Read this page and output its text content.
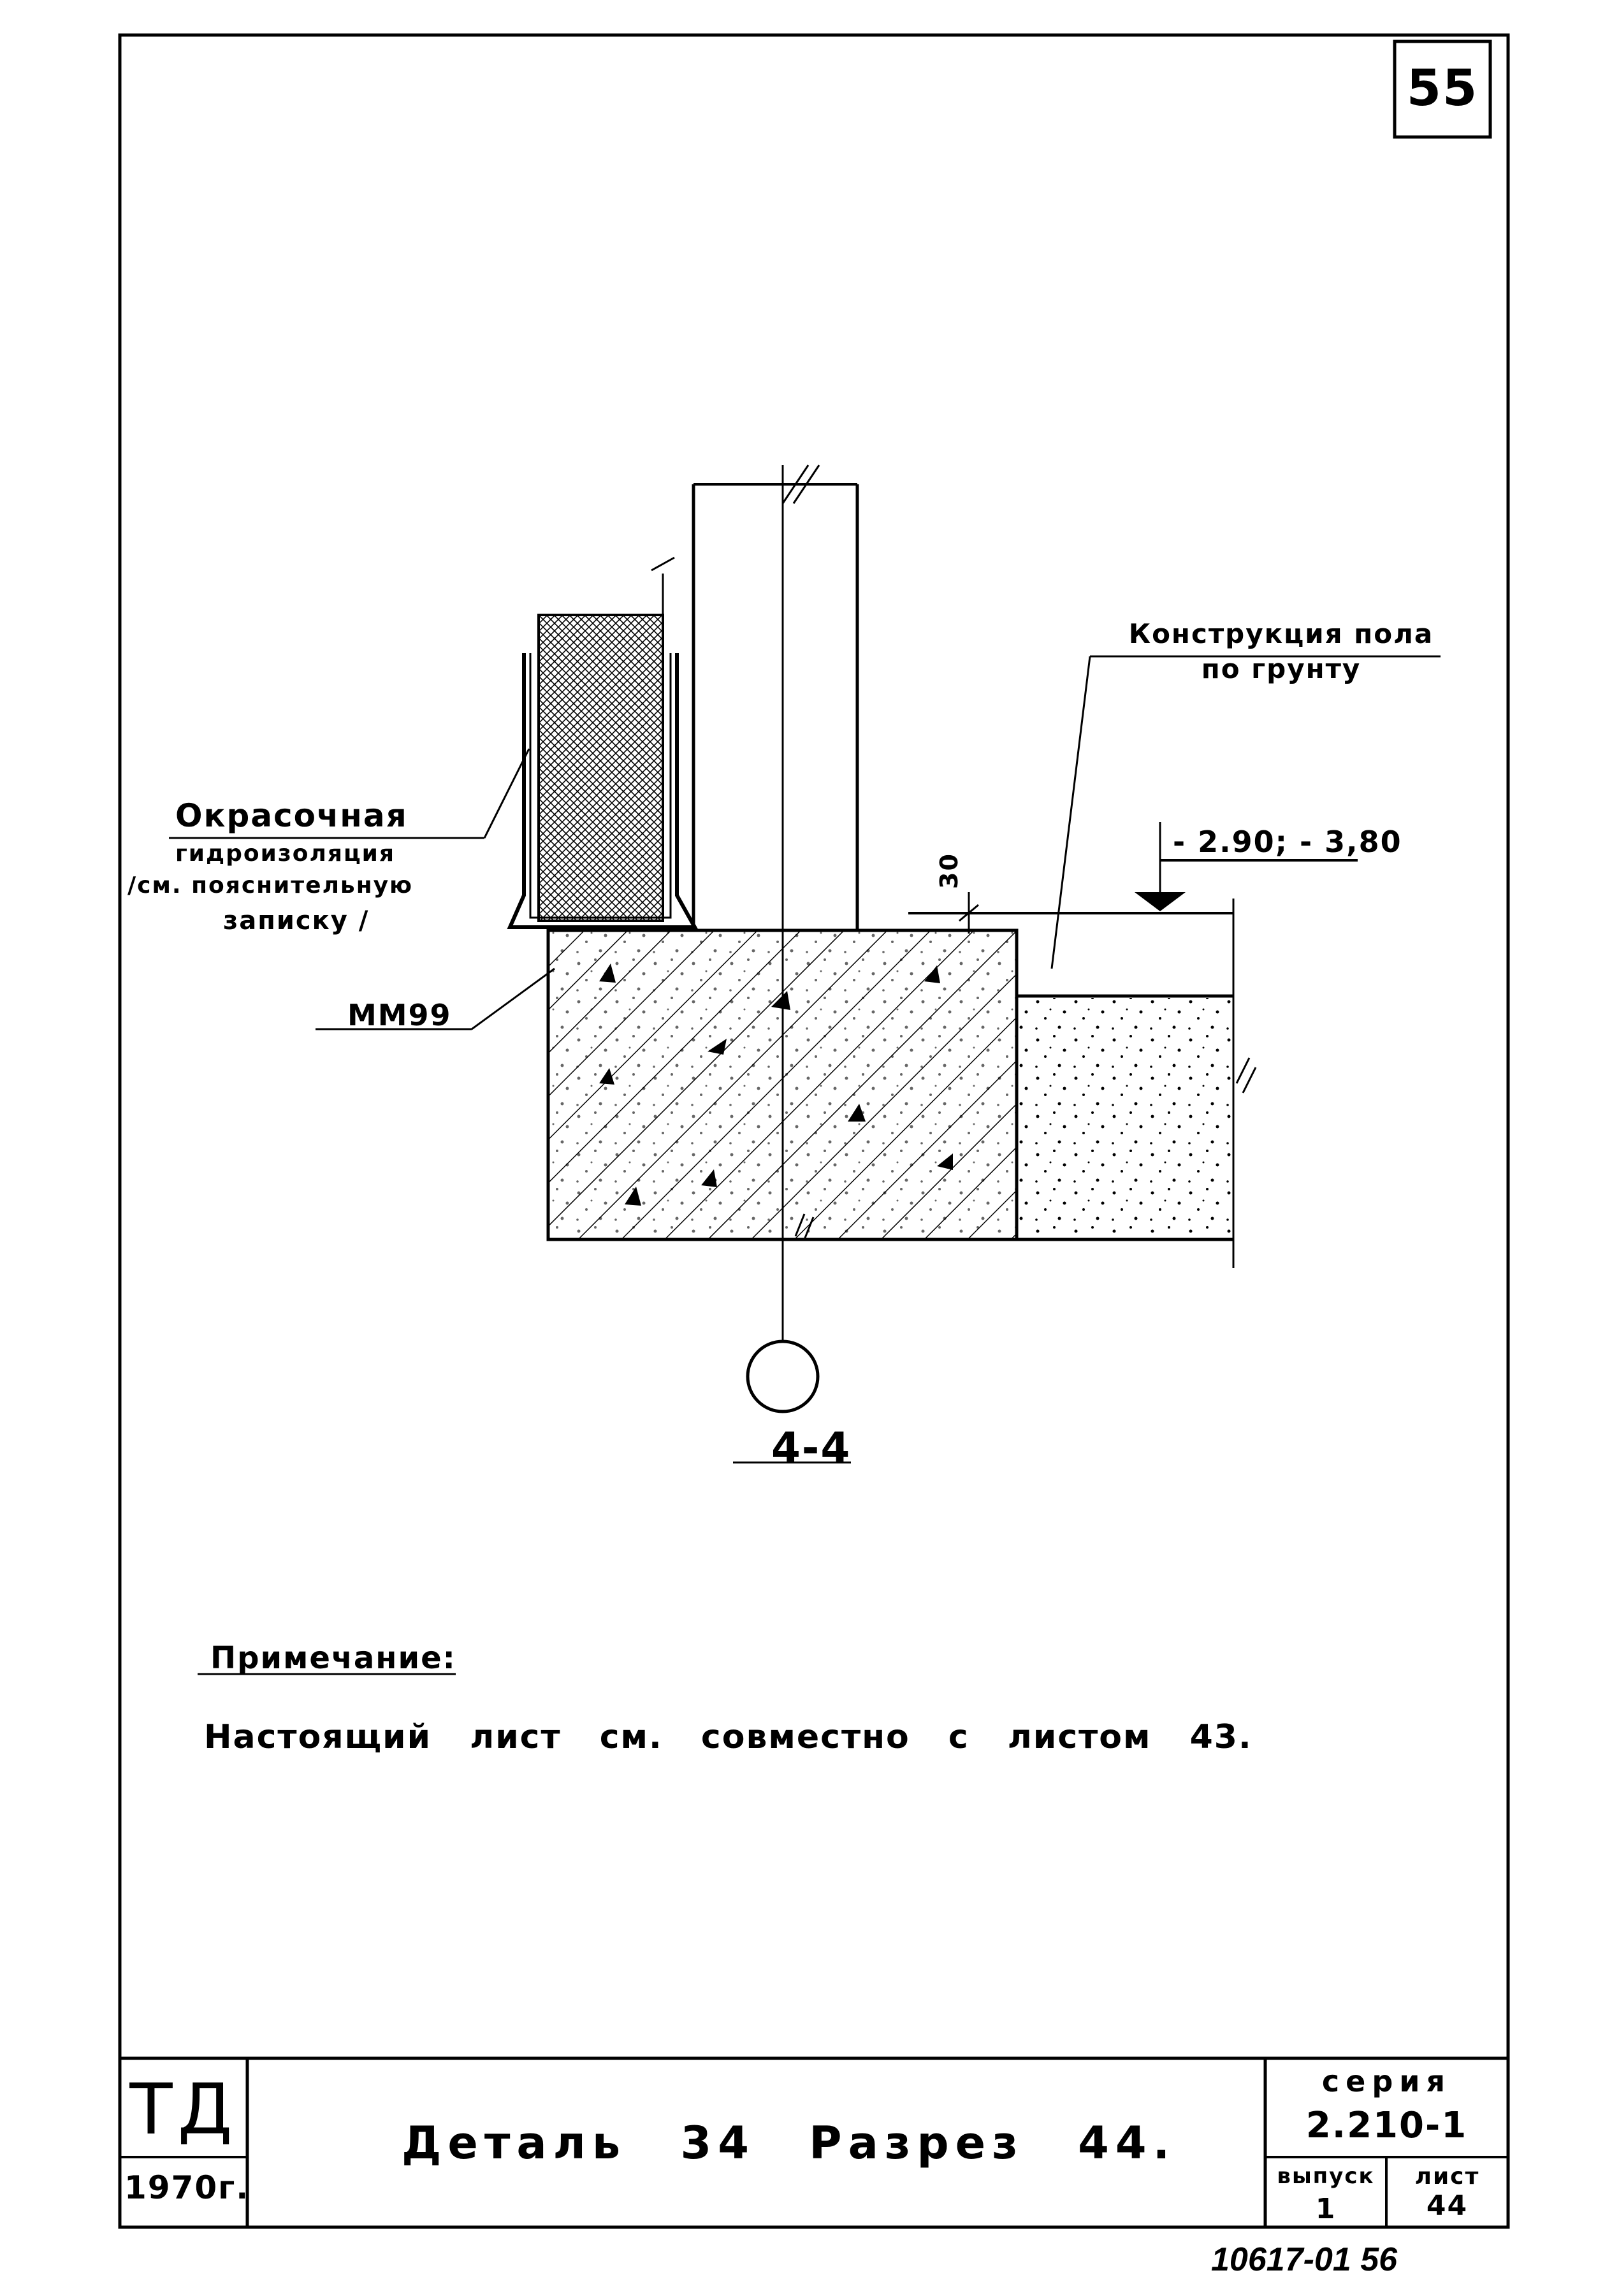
55
Конструкция пола по грунту
Окрасочная
гидроизоляция
/см. пояснительную
записку /
- 2.90; - 3,80
30
ММ99
4-4
Примечание:
Настоящий лист см. совместно с листом 43.
ТД
1970г.
Деталь 34 Разрез 44.
серия
2.210-1
выпуск
1
лист
44
10617-01 56
